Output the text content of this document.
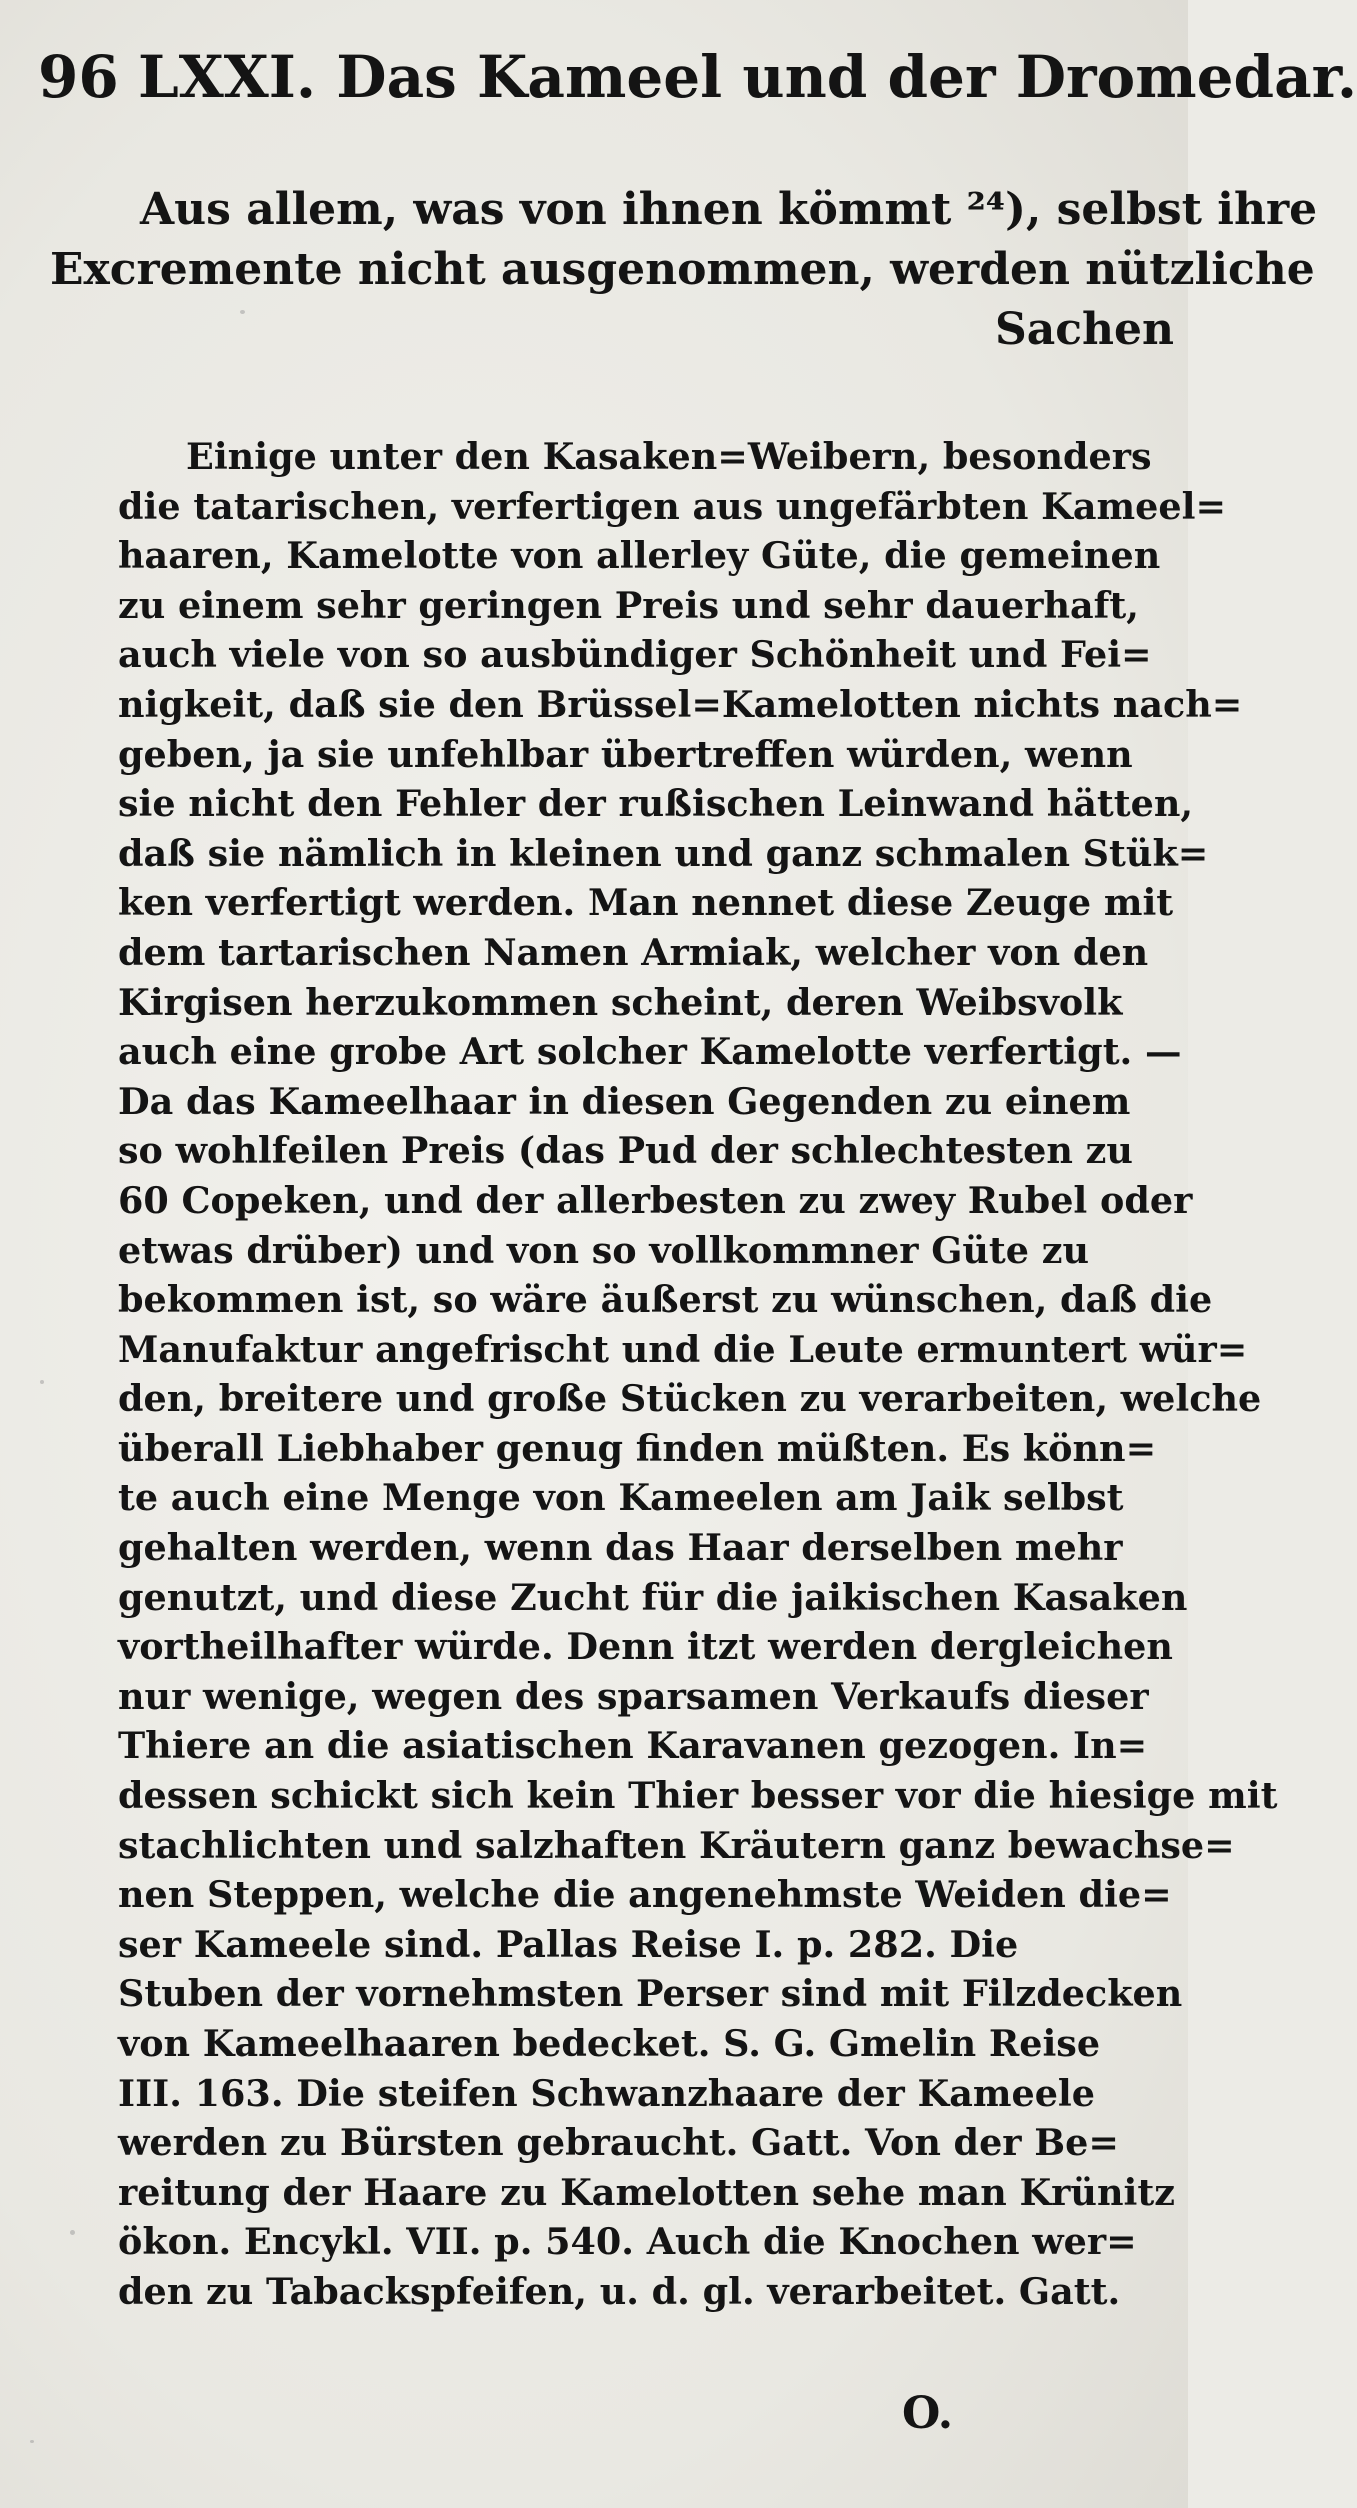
96 LXXI. Das Kameel und der Dromedar.
Aus allem, was von ihnen kömmt ²⁴), selbst ihre
Excremente nicht ausgenommen, werden nützliche
Sachen
Einige unter den Kasaken=Weibern, besonders
die tatarischen, verfertigen aus ungefärbten Kameel=
haaren, Kamelotte von allerley Güte, die gemeinen
zu einem sehr geringen Preis und sehr dauerhaft,
auch viele von so ausbündiger Schönheit und Fei=
nigkeit, daß sie den Brüssel=Kamelotten nichts nach=
geben, ja sie unfehlbar übertreffen würden, wenn
sie nicht den Fehler der rußischen Leinwand hätten,
daß sie nämlich in kleinen und ganz schmalen Stük=
ken verfertigt werden. Man nennet diese Zeuge mit
dem tartarischen Namen Armiak, welcher von den
Kirgisen herzukommen scheint, deren Weibsvolk
auch eine grobe Art solcher Kamelotte verfertigt. —
Da das Kameelhaar in diesen Gegenden zu einem
so wohlfeilen Preis (das Pud der schlechtesten zu
60 Copeken, und der allerbesten zu zwey Rubel oder
etwas drüber) und von so vollkommner Güte zu
bekommen ist, so wäre äußerst zu wünschen, daß die
Manufaktur angefrischt und die Leute ermuntert wür=
den, breitere und große Stücken zu verarbeiten, welche
überall Liebhaber genug finden müßten. Es könn=
te auch eine Menge von Kameelen am Jaik selbst
gehalten werden, wenn das Haar derselben mehr
genutzt, und diese Zucht für die jaikischen Kasaken
vortheilhafter würde. Denn itzt werden dergleichen
nur wenige, wegen des sparsamen Verkaufs dieser
Thiere an die asiatischen Karavanen gezogen. In=
dessen schickt sich kein Thier besser vor die hiesige mit
stachlichten und salzhaften Kräutern ganz bewachse=
nen Steppen, welche die angenehmste Weiden die=
ser Kameele sind. Pallas Reise I. p. 282. Die
Stuben der vornehmsten Perser sind mit Filzdecken
von Kameelhaaren bedecket. S. G. Gmelin Reise
III. 163. Die steifen Schwanzhaare der Kameele
werden zu Bürsten gebraucht. Gatt. Von der Be=
reitung der Haare zu Kamelotten sehe man Krünitz
ökon. Encykl. VII. p. 540. Auch die Knochen wer=
den zu Tabackspfeifen, u. d. gl. verarbeitet. Gatt.
O.
